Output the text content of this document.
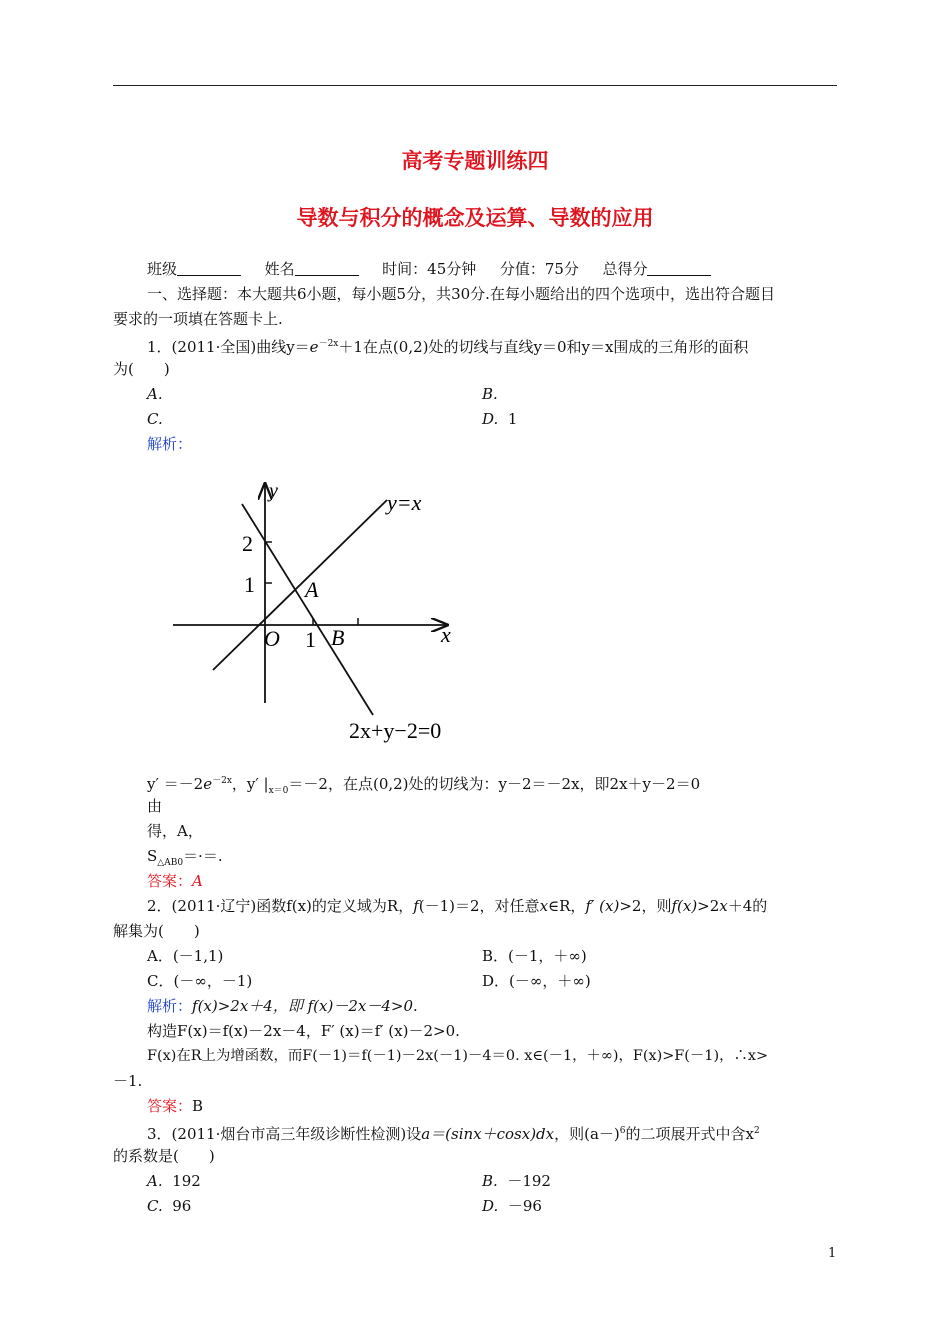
高考专题训练四
导数与积分的概念及运算、导数的应用
班级	姓名	时间：45分钟 分值：75分 总得分
一、选择题：本大题共6小题，每小题5分，共30分.在每小题给出的四个选项中，选出符合题目
要求的一项填在答题卡上.
1．(2011·全国)曲线$y=e^{-2x}+1$在点(0,2)处的切线与直线y＝0和y＝x围成的三角形的面积
为(　　)
A.	B.
C.	D. 1
解析：
y
x
O
2
1
1
A
B
y=x
2x+y−2=0
$y' =-2e^{-2x}$，y′ $|_{x=0}=-2$，在点(0,2)处的切线为：y－2＝－2x，即2x＋y－2＝0
由
得，A，
$S_{\triangle AB0}=\cdot=$.
答案：A
2．(2011·辽宁)函数f(x)的定义域为R，f(－1)＝2，对任意x∈R，f′ (x)>2，则f(x)>2x＋4的
解集为(　　)
A．(－1,1)	B．(－1，＋∞)
C．(－∞，－1)	D．(－∞，＋∞)
解析：f(x)>2x＋4，即 f(x)－2x－4>0.
构造F(x)＝f(x)－2x－4，F′ (x)＝f′ (x)－2>0.
F(x)在R上为增函数，而F(－1)＝f(－1)－2x(－1)－4＝0. x∈(－1，＋∞)，F(x)>F(－1)，∴x>
－1.
答案：B
3．(2011·烟台市高三年级诊断性检测)设a＝(sinx＋cosx)dx，则$(a-)^6$的二项展开式中含$x^2$
的系数是(　　)
A. 192	B. －192
C. 96	D. －96
1
